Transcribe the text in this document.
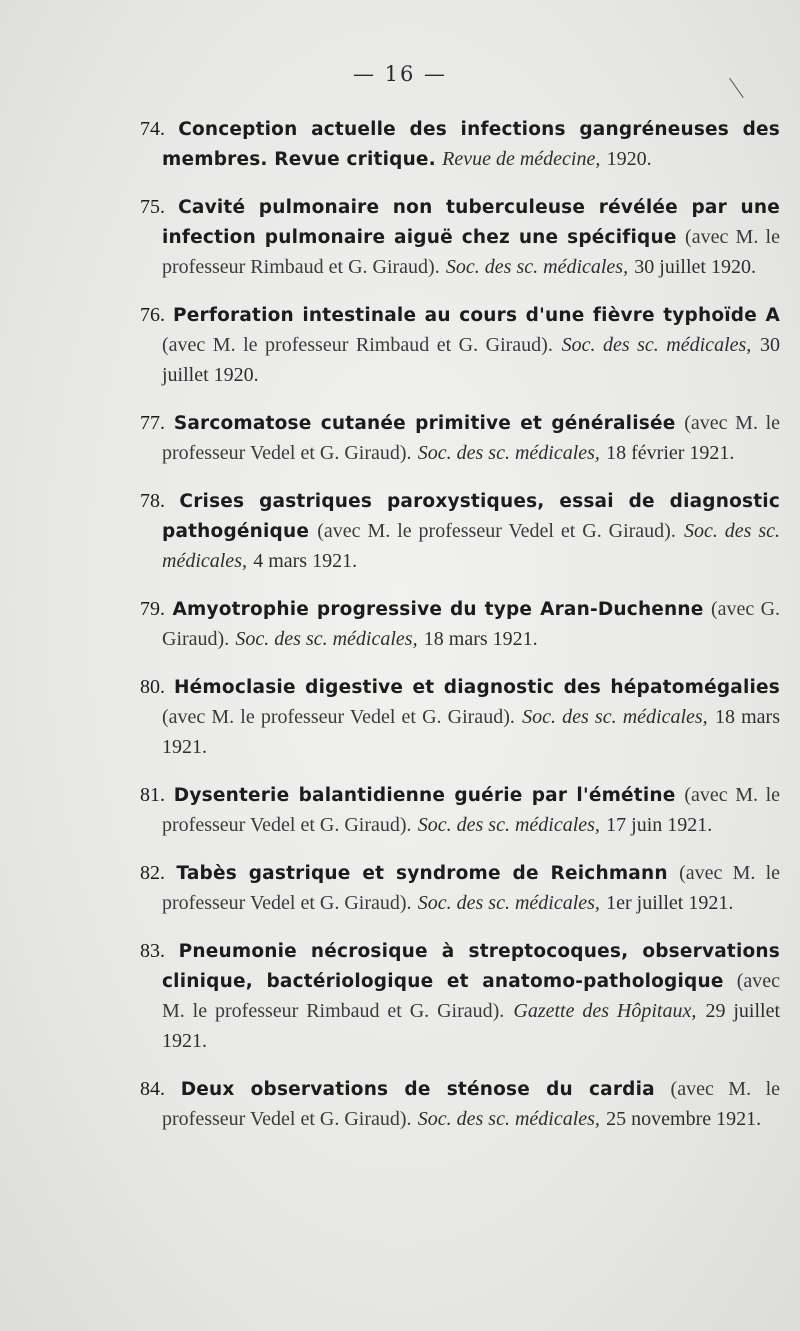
— 16 —
74. Conception actuelle des infections gangréneuses des membres. Revue critique. Revue de médecine, 1920.
75. Cavité pulmonaire non tuberculeuse révélée par une infection pulmonaire aiguë chez une spécifique (avec M. le professeur Rimbaud et G. Giraud). Soc. des sc. médicales, 30 juillet 1920.
76. Perforation intestinale au cours d'une fièvre typhoïde A (avec M. le professeur Rimbaud et G. Giraud). Soc. des sc. médicales, 30 juillet 1920.
77. Sarcomatose cutanée primitive et généralisée (avec M. le professeur Vedel et G. Giraud). Soc. des sc. médicales, 18 février 1921.
78. Crises gastriques paroxystiques, essai de diagnostic pathogénique (avec M. le professeur Vedel et G. Giraud). Soc. des sc. médicales, 4 mars 1921.
79. Amyotrophie progressive du type Aran-Duchenne (avec G. Giraud). Soc. des sc. médicales, 18 mars 1921.
80. Hémoclasie digestive et diagnostic des hépatomégalies (avec M. le professeur Vedel et G. Giraud). Soc. des sc. médicales, 18 mars 1921.
81. Dysenterie balantidienne guérie par l'émétine (avec M. le professeur Vedel et G. Giraud). Soc. des sc. médicales, 17 juin 1921.
82. Tabès gastrique et syndrome de Reichmann (avec M. le professeur Vedel et G. Giraud). Soc. des sc. médicales, 1er juillet 1921.
83. Pneumonie nécrosique à streptocoques, observations clinique, bactériologique et anatomo-pathologique (avec M. le professeur Rimbaud et G. Giraud). Gazette des Hôpitaux, 29 juillet 1921.
84. Deux observations de sténose du cardia (avec M. le professeur Vedel et G. Giraud). Soc. des sc. médicales, 25 novembre 1921.
